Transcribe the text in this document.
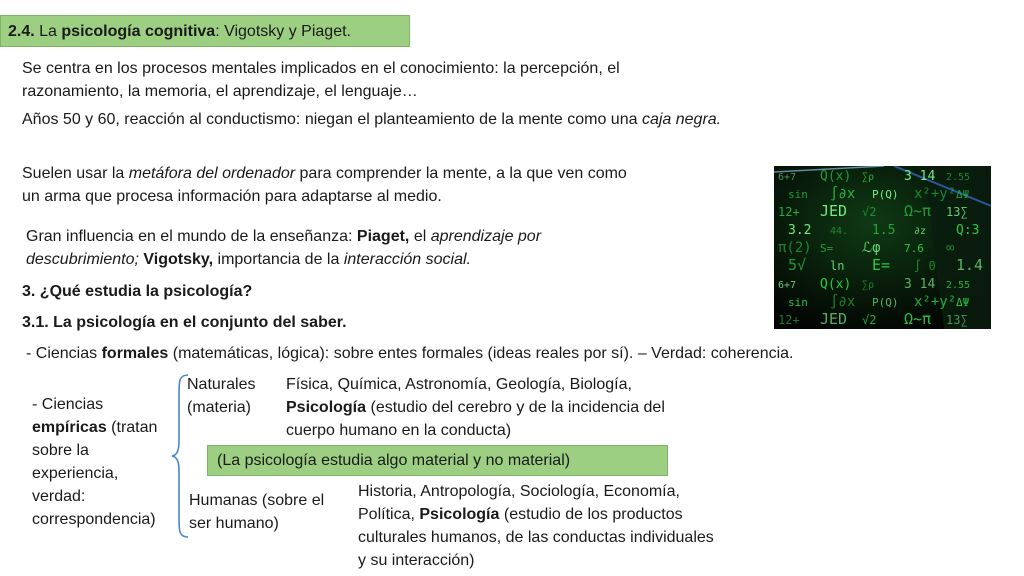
2.4. La psicología cognitiva: Vigotsky y Piaget.
Se centra en los procesos mentales implicados en el conocimiento: la percepción, el razonamiento, la memoria, el aprendizaje, el lenguaje…
Años 50 y 60, reacción al conductismo: niegan el planteamiento de la mente como una caja negra.
Suelen usar la metáfora del ordenador para comprender la mente, a la que ven como un arma que procesa información para adaptarse al medio.
Gran influencia en el mundo de la enseñanza: Piaget, el aprendizaje por descubrimiento; Vigotsky, importancia de la interacción social.
3. ¿Qué estudia la psicología?
3.1. La psicología en el conjunto del saber.
- Ciencias formales (matemáticas, lógica): sobre entes formales (ideas reales por sí). – Verdad: coherencia.
- Ciencias empíricas (tratan sobre la experiencia, verdad: correspondencia)
Naturales (materia)
Física, Química, Astronomía, Geología, Biología, Psicología (estudio del cerebro y de la incidencia del cuerpo humano en la conducta)
(La psicología estudia algo material y no material)
Humanas (sobre el ser humano)
Historia, Antropología, Sociología, Economía, Política, Psicología (estudio de los productos culturales humanos, de las conductas individuales y su interacción)
6+7 Q(x) ∑ρ 3 14 2.55
sin ∫∂x P(Q) x²+y² ΔΨ
12+ JED √2 Ω~π 13∑
3.2 44. 1.5 ∂z Q:3
π(2) S= ℒφ 7.6 ∞
5√ ln E= ∫ 0 1.4
6+7 Q(x) ∑ρ 3 14 2.55
sin ∫∂x P(Q) x²+y² ΔΨ
12+ JED √2 Ω~π 13∑
